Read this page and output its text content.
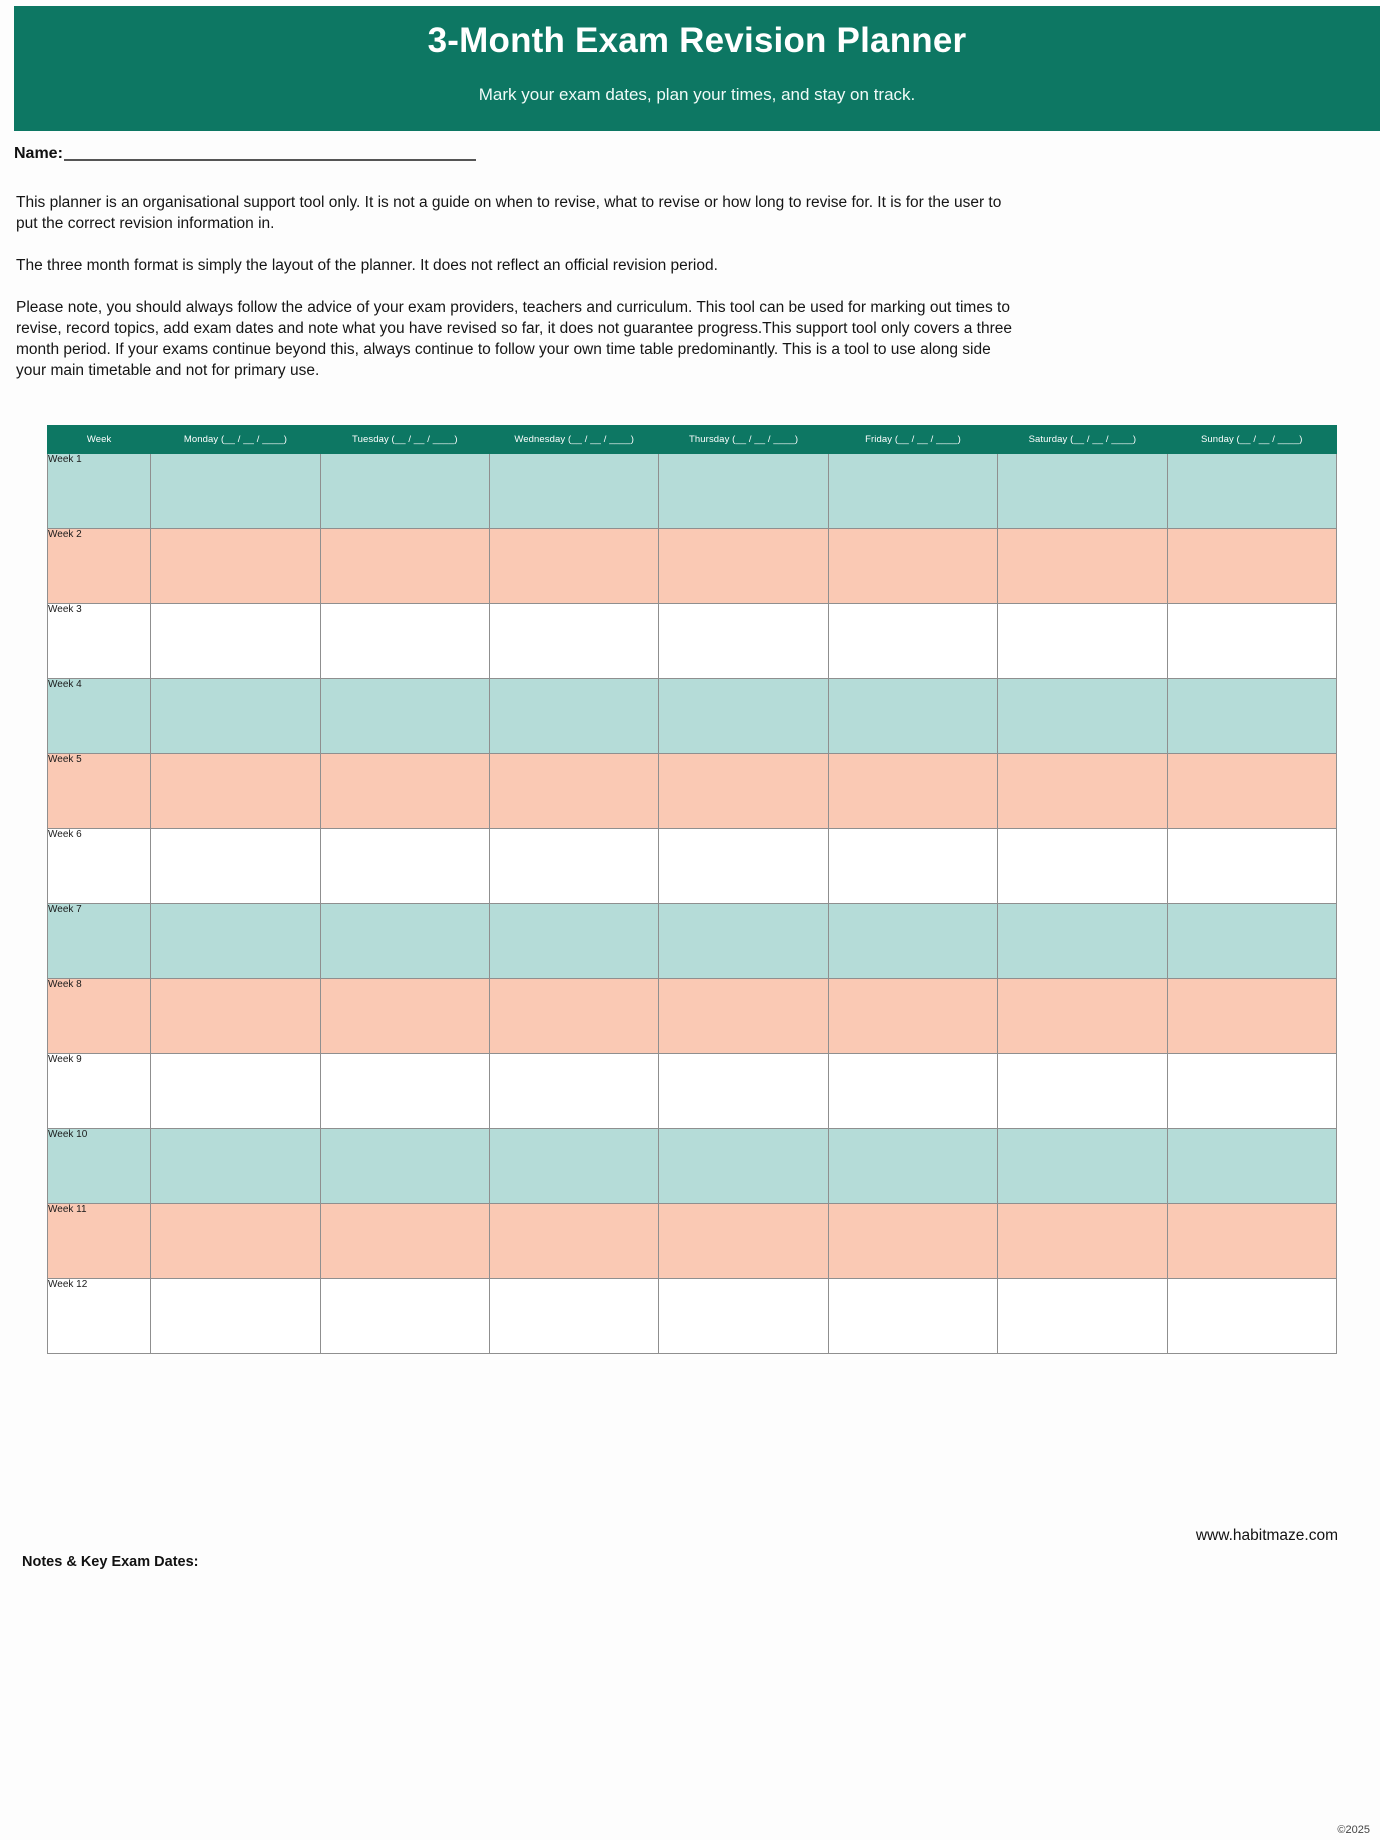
3-Month Exam Revision Planner
Mark your exam dates, plan your times, and stay on track.
Name:

This planner is an organisational support tool only. It is not a guide on when to revise, what to revise or how long to revise for. It is for the user to put the correct revision information in.

The three month format is simply the layout of the planner. It does not reflect an official revision period.

Please note, you should always follow the advice of your exam providers, teachers and curriculum. This tool can be used for marking out times to revise, record topics, add exam dates and note what you have revised so far, it does not guarantee progress.This support tool only covers a three month period. If your exams continue beyond this, always continue to follow your own time table predominantly. This is a tool to use along side your main timetable and not for primary use.

Week	Monday (__ / __ / ____)	Tuesday (__ / __ / ____)	Wednesday (__ / __ / ____)	Thursday (__ / __ / ____)	Friday (__ / __ / ____)	Saturday (__ / __ / ____)	Sunday (__ / __ / ____)
Week 1							
Week 2							
Week 3							
Week 4							
Week 5							
Week 6							
Week 7							
Week 8							
Week 9							
Week 10							
Week 11							
Week 12							
www.habitmaze.com
Notes & Key Exam Dates:
©2025
